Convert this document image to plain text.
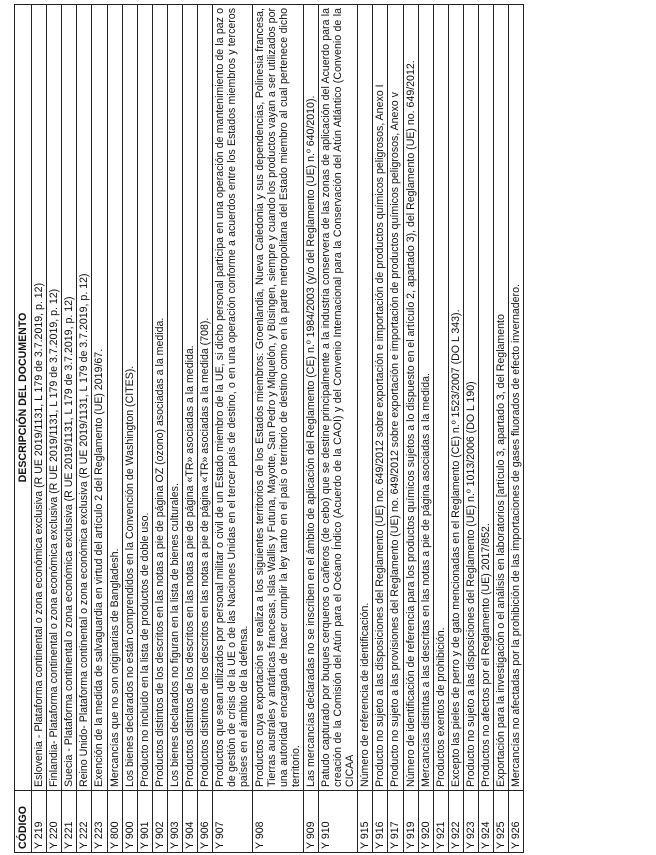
CÓDIGO	DESCRIPCIÓN DEL DOCUMENTO
Y 219	Eslovenia - Plataforma continental o zona económica exclusiva (R UE 2019/1131, L 179 de 3.7.2019, p. 12)
Y 220	Finlandia- Plataforma continental o zona económica exclusiva (R UE 2019/1131, L 179 de 3.7.2019, p. 12)
Y 221	Suecia - Plataforma continental o zona económica exclusiva (R UE 2019/1131, L 179 de 3.7.2019, p. 12)
Y 222	Reino Unido- Plataforma continental o zona económica exclusiva (R UE 2019/1131, L 179 de 3.7.2019, p. 12)
Y 223	Exención de la medida de salvaguardia en virtud del artículo 2 del Reglamento (UE) 2019/67.
Y 800	Mercancías que no son originarias de Bangladesh.
Y 900	Los bienes declarados no están comprendidos en la Convención de Washington (CITES).
Y 901	Producto no incluido en la lista de productos de doble uso.
Y 902	Productos distintos de los descritos en las notas a pie de página OZ (ozono) asociadas a la medida.
Y 903	Los bienes declarados no figuran en la lista de bienes culturales.
Y 904	Productos distintos de los descritos en las notas a pie de página «TR» asociadas a la medida.
Y 906	Productos distintos de los descritos en las notas a pie de página «TR» asociadas a la medida (708).
Y 907	Productos que sean utilizados por personal militar o civil de un Estado miembro de la UE, si dicho personal participa en una operación de mantenimiento de la paz o de gestión de crisis de la UE o de las Naciones Unidas en el tercer país de destino, o en una operación conforme a acuerdos entre los Estados miembros y terceros países en el ámbito de la defensa.
Y 908	Productos cuya exportación se realiza a los siguientes territorios de los Estados miembros: Groenlandia, Nueva Caledonia y sus dependencias, Polinesia francesa, Tierras australes y antárticas francesas, Islas Wallis y Futuna, Mayotte, San Pedro y Miquelón, y Büsingen, siempre y cuando los productos vayan a ser utilizados por una autoridad encargada de hacer cumplir la ley tanto en el país o territorio de destino como en la parte metropolitana del Estado miembro al cual pertenece dicho territorio.
Y 909	Las mercancías declaradas no se inscriben en el ámbito de aplicación del Reglamento (CE) n.º 1984/2003 (y/o del Reglamento (UE) n.º 640/2010).
Y 910	Patudo capturado por buques cerqueros o cañeros (de cebo) que se destine principalmente a la industria conservera de las zonas de aplicación del Acuerdo para la creación de la Comisión del Atún para el Océano Índico (Acuerdo de la CAOI) y del Convenio Internacional para la Conservación del Atún Atlántico (Convenio de la CICAA
Y 915	Número de referencia de identificación.
Y 916	Producto no sujeto a las disposiciones del Reglamento (UE) no. 649/2012 sobre exportación e importación de productos químicos peligrosos, Anexo I
Y 917	Producto no sujeto a las provisiones del Reglamento (UE) no. 649/2012 sobre exportación e importación de productos químicos peligrosos, Anexo v
Y 919	Número de identificación de referencia para los productos químicos sujetos a lo dispuesto en el artículo 2, apartado 3), del Reglamento (UE) no. 649/2012.
Y 920	Mercancías distintas a las descritas en las notas a pie de página asociadas a la medida.
Y 921	Productos exentos de prohibición.
Y 922	Excepto las pieles de perro y de gato mencionadas en el Reglamento (CE) n.º 1523/2007 (DO L 343).
Y 923	Producto no sujeto a las disposiciones del Reglamento (UE) n.º 1013/2006 (DO L 190)
Y 924	Productos no afectos por el Reglamento (UE) 2017/852.
Y 925	Exportación para la investigación o el análisis en laboratorios [artículo 3, apartado 3, del Reglamento
Y 926	Mercancías no afectadas por la prohibición de las importaciones de gases fluorados de efecto invernadero.
